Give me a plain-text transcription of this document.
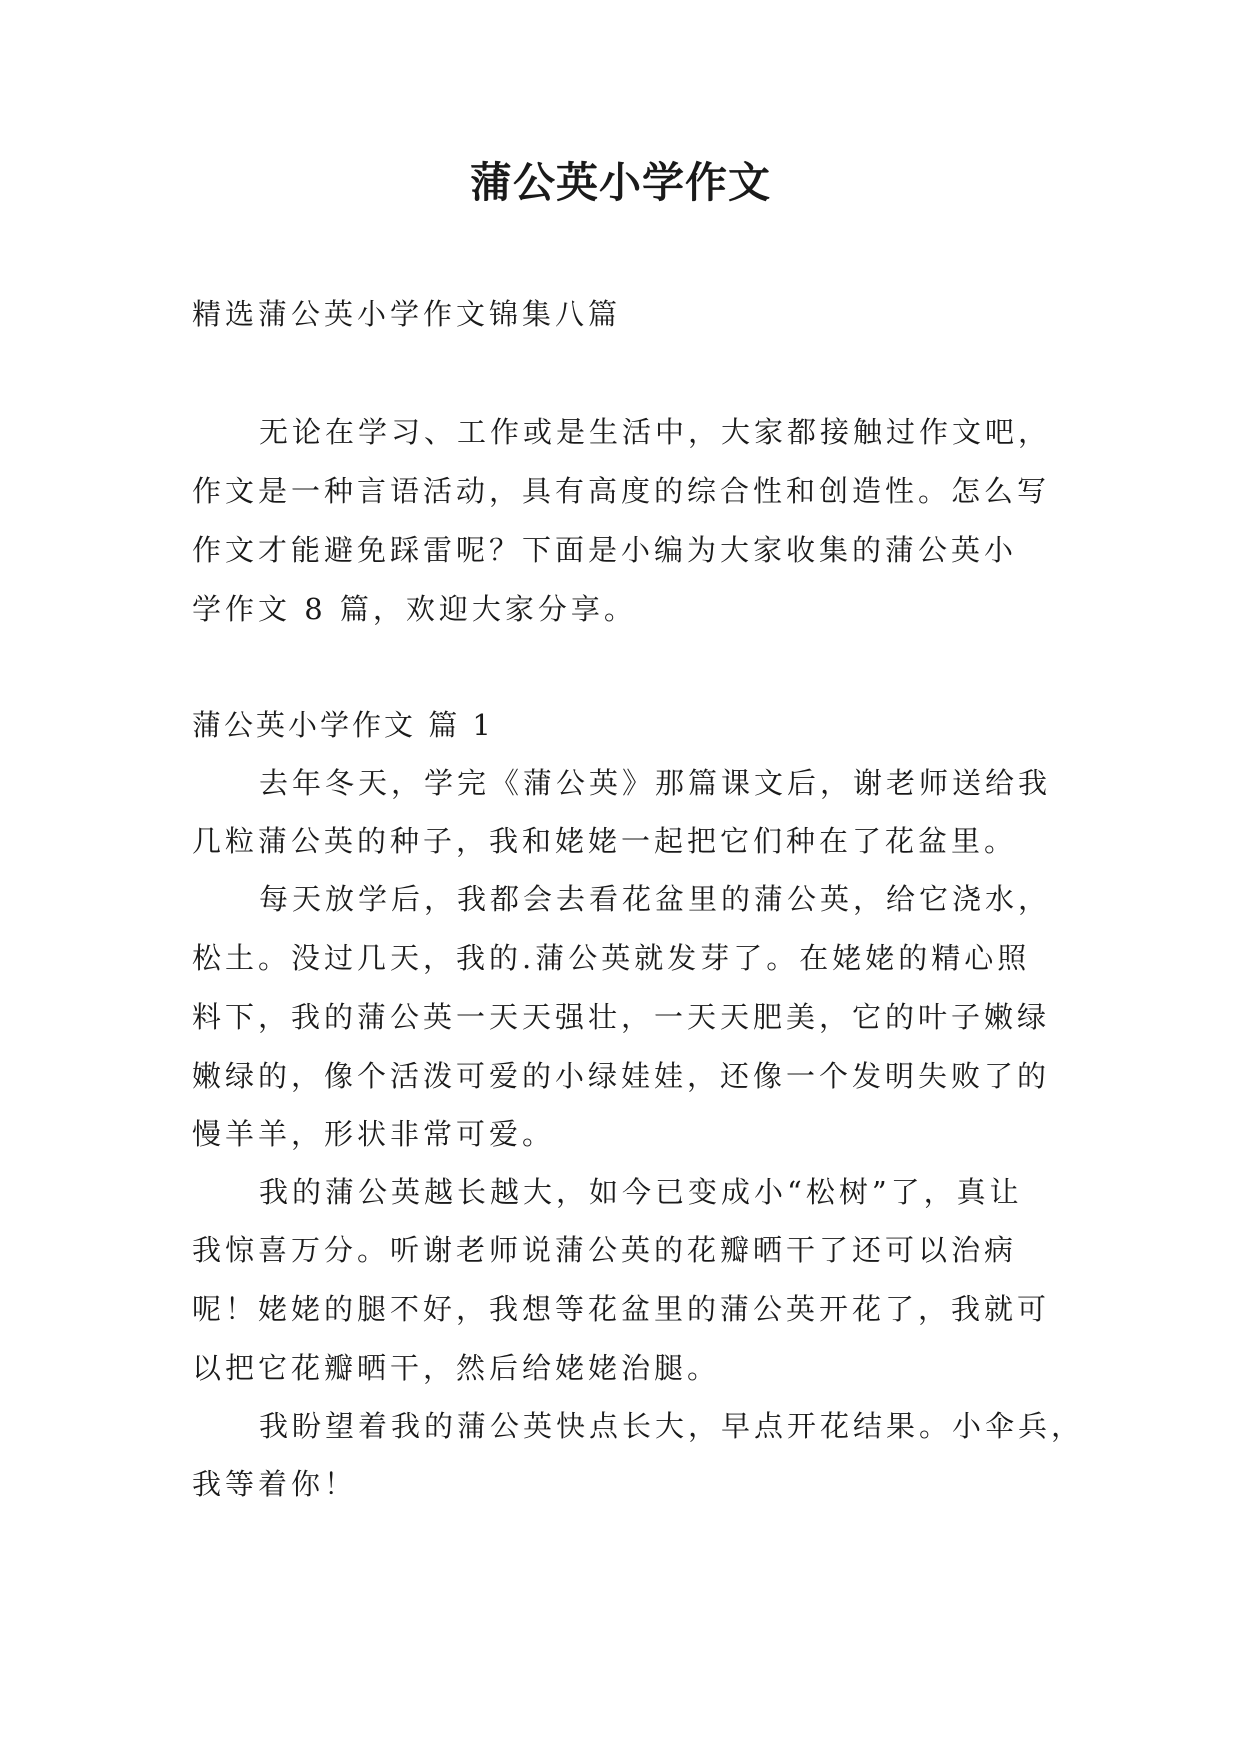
蒲公英小学作文
精选蒲公英小学作文锦集八篇
无论在学习、工作或是生活中，大家都接触过作文吧，
作文是一种言语活动，具有高度的综合性和创造性。怎么写
作文才能避免踩雷呢？下面是小编为大家收集的蒲公英小
学作文 8 篇，欢迎大家分享。
蒲公英小学作文 篇 1
去年冬天，学完《蒲公英》那篇课文后，谢老师送给我
几粒蒲公英的种子，我和姥姥一起把它们种在了花盆里。
每天放学后，我都会去看花盆里的蒲公英，给它浇水，
松土。没过几天，我的.蒲公英就发芽了。在姥姥的精心照
料下，我的蒲公英一天天强壮，一天天肥美，它的叶子嫩绿
嫩绿的，像个活泼可爱的小绿娃娃，还像一个发明失败了的
慢羊羊，形状非常可爱。
我的蒲公英越长越大，如今已变成小“松树”了，真让
我惊喜万分。听谢老师说蒲公英的花瓣晒干了还可以治病
呢！姥姥的腿不好，我想等花盆里的蒲公英开花了，我就可
以把它花瓣晒干，然后给姥姥治腿。
我盼望着我的蒲公英快点长大，早点开花结果。小伞兵，
我等着你！
